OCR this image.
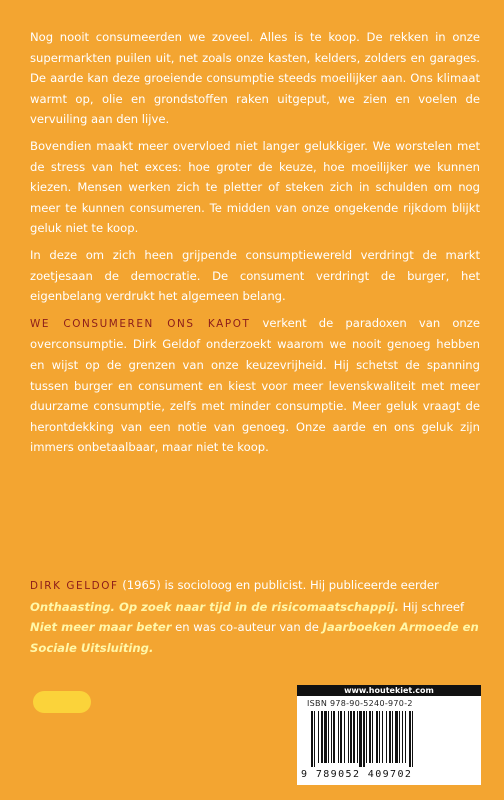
Nog nooit consumeerden we zoveel. Alles is te koop. De rekken in onze supermarkten puilen uit, net zoals onze kasten, kelders, zolders en garages. De aarde kan deze groeiende consumptie steeds moeilijker aan. Ons klimaat warmt op, olie en grondstoffen raken uitgeput, we zien en voelen de vervuiling aan den lijve.

Bovendien maakt meer overvloed niet langer gelukkiger. We worstelen met de stress van het exces: hoe groter de keuze, hoe moeilijker we kunnen kiezen. Mensen werken zich te pletter of steken zich in schulden om nog meer te kunnen consumeren. Te midden van onze ongekende rijkdom blijkt geluk niet te koop.

In deze om zich heen grijpende consumptiewereld verdringt de markt zoetjesaan de democratie. De consument verdringt de burger, het eigenbelang verdrukt het algemeen belang.

WE CONSUMEREN ONS KAPOT verkent de paradoxen van onze overconsumptie. Dirk Geldof onderzoekt waarom we nooit genoeg hebben en wijst op de grenzen van onze keuzevrijheid. Hij schetst de spanning tussen burger en consument en kiest voor meer levenskwaliteit met meer duurzame consumptie, zelfs met minder consumptie. Meer geluk vraagt de herontdekking van een notie van genoeg. Onze aarde en ons geluk zijn immers onbetaalbaar, maar niet te koop.

DIRK GELDOF (1965) is socioloog en publicist. Hij publiceerde eerder Onthaasting. Op zoek naar tijd in de risicomaatschappij. Hij schreef Niet meer maar beter en was co-auteur van de Jaarboeken Armoede en Sociale Uitsluiting.
www.houtekiet.com
ISBN 978-90-5240-970-2
9 789052 409702
